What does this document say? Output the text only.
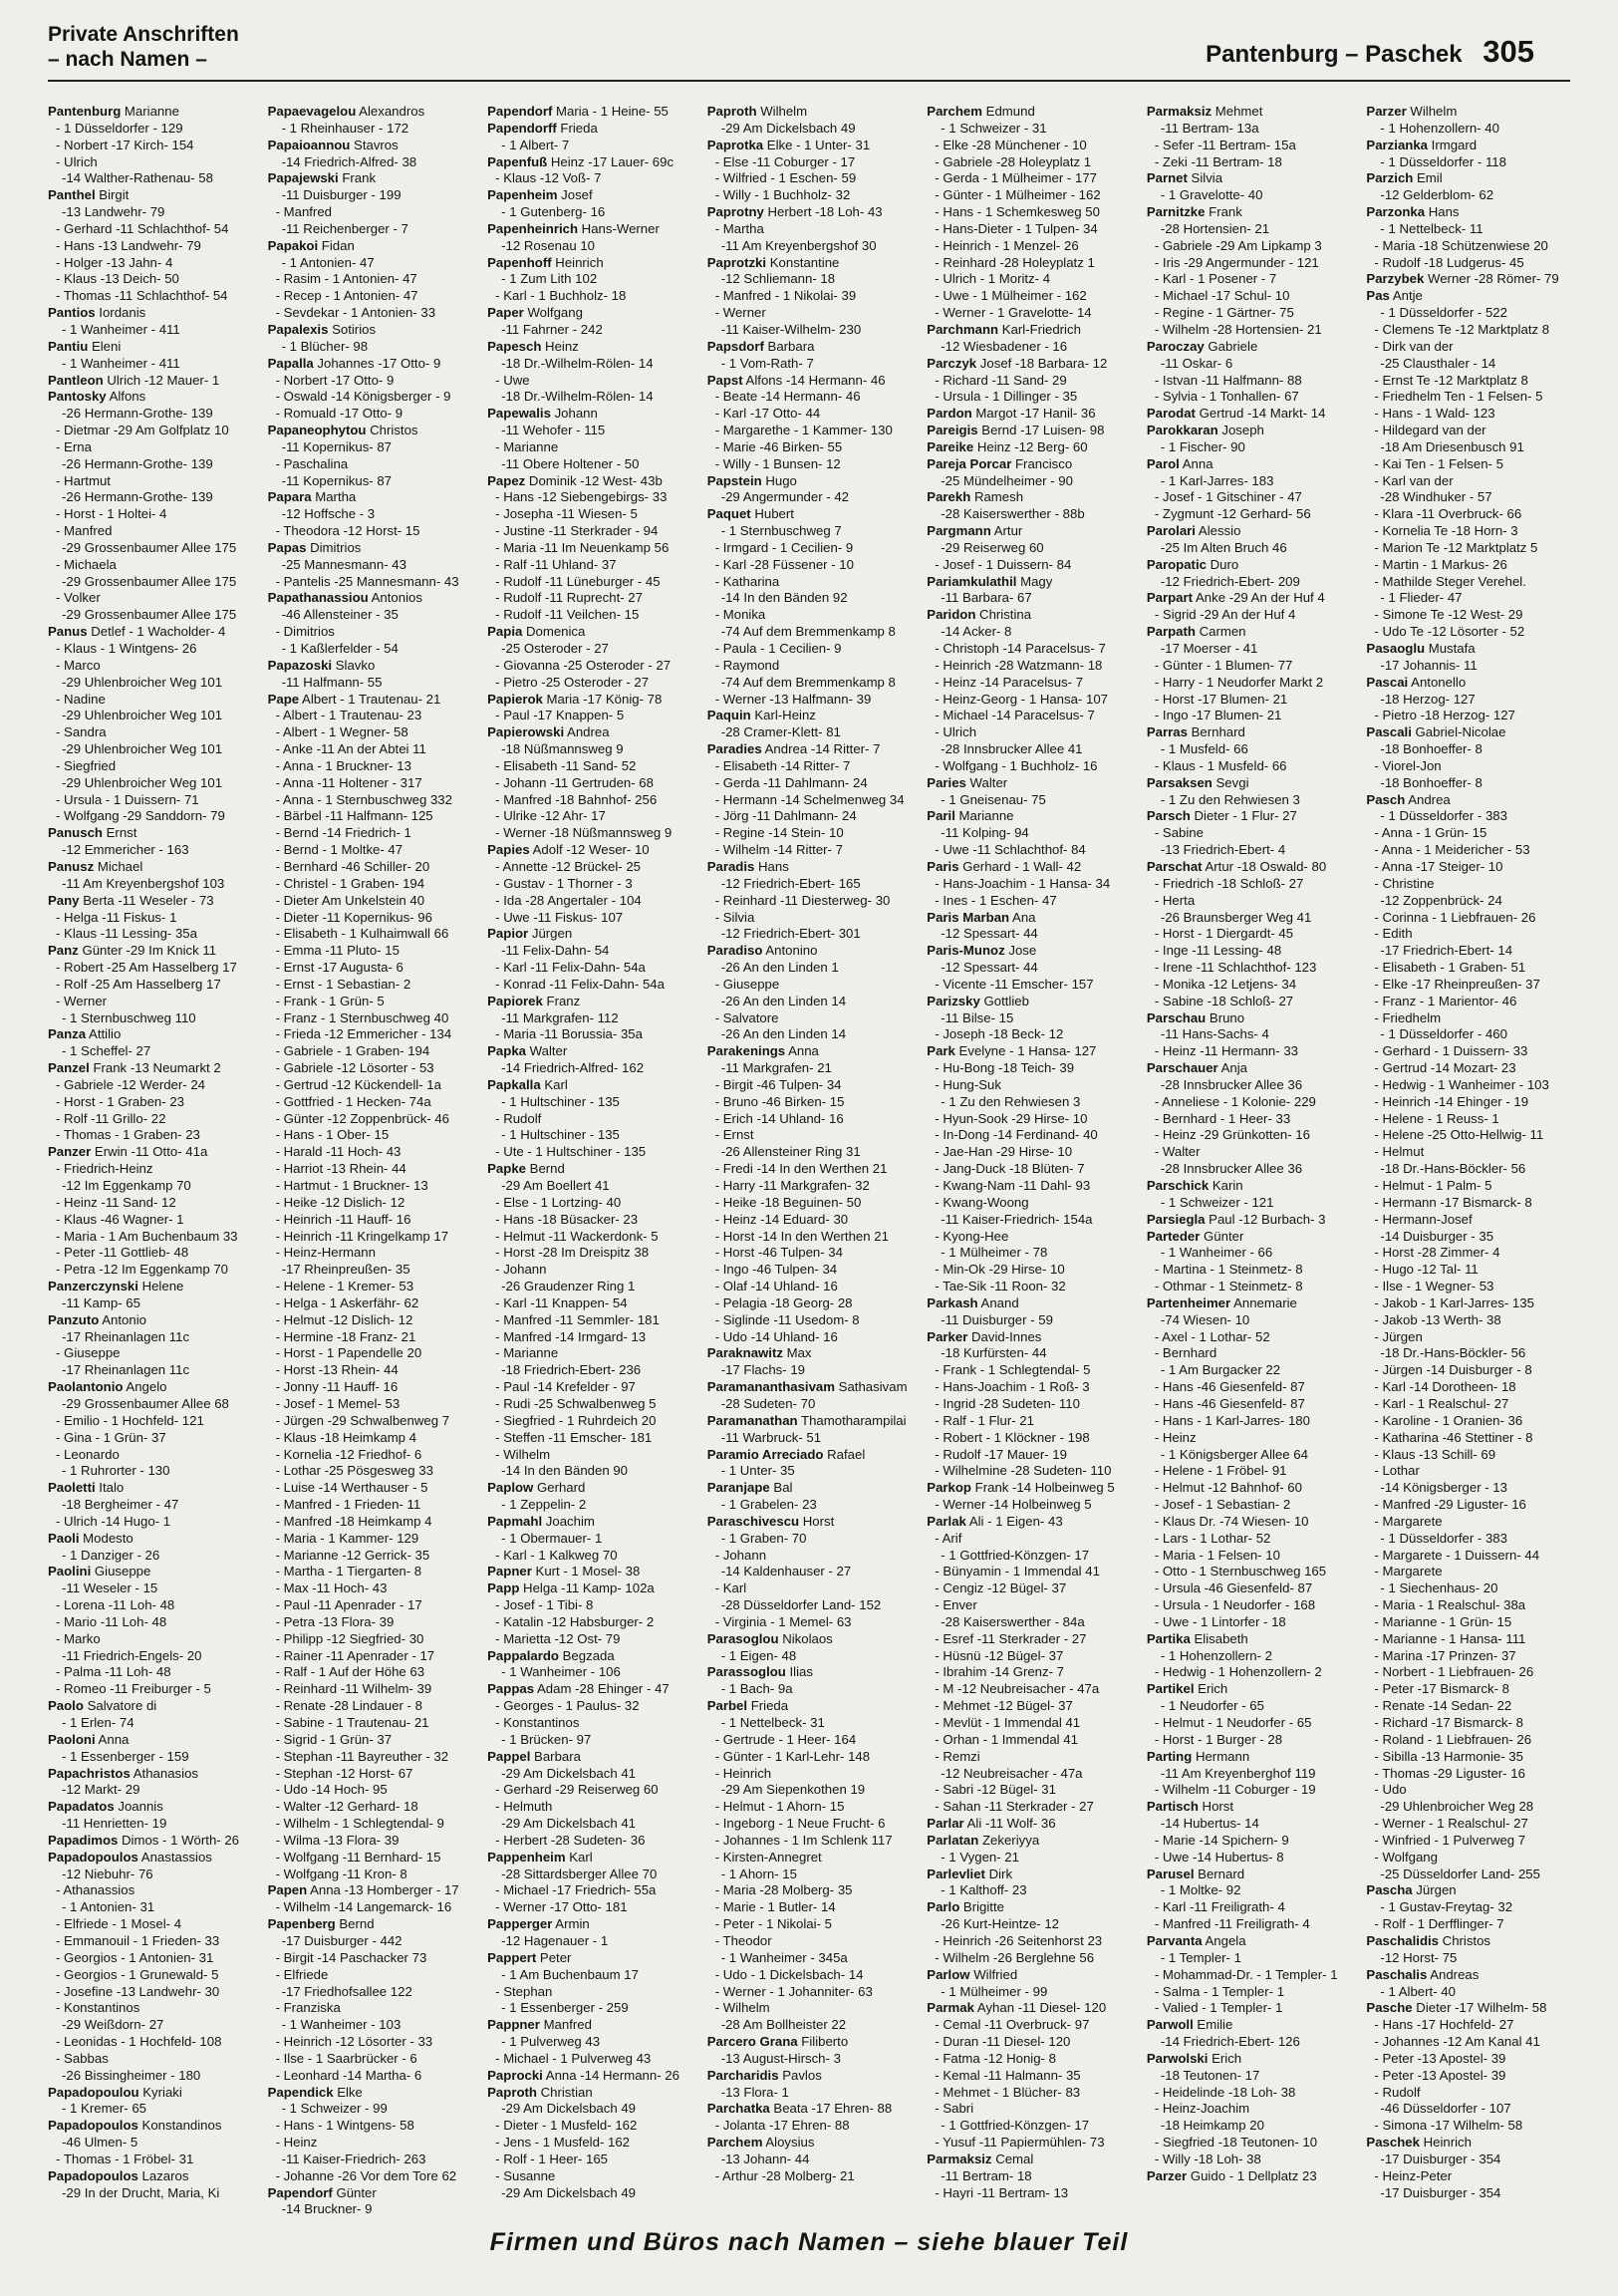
Private Anschriften
– nach Namen –	Pantenburg – Paschek 305
Pantenburg Marianne
- 1 Düsseldorfer - 129
- Norbert -17 Kirch- 154
- Ulrich
-14 Walther-Rathenau- 58
Panthel Birgit
-13 Landwehr- 79
- Gerhard -11 Schlachthof- 54
- Hans -13 Landwehr- 79
- Holger -13 Jahn- 4
- Klaus -13 Deich- 50
- Thomas -11 Schlachthof- 54
Pantios Iordanis
- 1 Wanheimer - 411
Pantiu Eleni
- 1 Wanheimer - 411
Pantleon Ulrich -12 Mauer- 1
Pantosky Alfons
-26 Hermann-Grothe- 139
- Dietmar -29 Am Golfplatz 10
- Erna
-26 Hermann-Grothe- 139
- Hartmut
-26 Hermann-Grothe- 139
- Horst - 1 Holtei- 4
- Manfred
-29 Grossenbaumer Allee 175
- Michaela
-29 Grossenbaumer Allee 175
- Volker
-29 Grossenbaumer Allee 175
Panus Detlef - 1 Wacholder- 4
- Klaus - 1 Wintgens- 26
- Marco
-29 Uhlenbroicher Weg 101
- Nadine
-29 Uhlenbroicher Weg 101
- Sandra
-29 Uhlenbroicher Weg 101
- Siegfried
-29 Uhlenbroicher Weg 101
- Ursula - 1 Duissern- 71
- Wolfgang -29 Sanddorn- 79
Panusch Ernst
-12 Emmericher - 163
Panusz Michael
-11 Am Kreyenbergshof 103
Pany Berta -11 Weseler - 73
- Helga -11 Fiskus- 1
- Klaus -11 Lessing- 35a
Panz Günter -29 Im Knick 11
- Robert -25 Am Hasselberg 17
- Rolf -25 Am Hasselberg 17
- Werner
- 1 Sternbuschweg 110
Panza Attilio
- 1 Scheffel- 27
Panzel Frank -13 Neumarkt 2
- Gabriele -12 Werder- 24
- Horst - 1 Graben- 23
- Rolf -11 Grillo- 22
- Thomas - 1 Graben- 23
Panzer Erwin -11 Otto- 41a
- Friedrich-Heinz
-12 Im Eggenkamp 70
- Heinz -11 Sand- 12
- Klaus -46 Wagner- 1
- Maria - 1 Am Buchenbaum 33
- Peter -11 Gottlieb- 48
- Petra -12 Im Eggenkamp 70
Panzerczynski Helene
-11 Kamp- 65
Panzuto Antonio
-17 Rheinanlagen 11c
- Giuseppe
-17 Rheinanlagen 11c
Paolantonio Angelo
-29 Grossenbaumer Allee 68
- Emilio - 1 Hochfeld- 121
- Gina - 1 Grün- 37
- Leonardo
- 1 Ruhrorter - 130
Paoletti Italo
-18 Bergheimer - 47
- Ulrich -14 Hugo- 1
Paoli Modesto
- 1 Danziger - 26
Paolini Giuseppe
-11 Weseler - 15
- Lorena -11 Loh- 48
- Mario -11 Loh- 48
- Marko
-11 Friedrich-Engels- 20
- Palma -11 Loh- 48
- Romeo -11 Freiburger - 5
Paolo Salvatore di
- 1 Erlen- 74
Paoloni Anna
- 1 Essenberger - 159
Papachristos Athanasios
-12 Markt- 29
Papadatos Joannis
-11 Henrietten- 19
Papadimos Dimos - 1 Wörth- 26
Papadopoulos Anastassios
-12 Niebuhr- 76
- Athanassios
- 1 Antonien- 31
- Elfriede - 1 Mosel- 4
- Emmanouil - 1 Frieden- 33
- Georgios - 1 Antonien- 31
- Georgios - 1 Grunewald- 5
- Josefine -13 Landwehr- 30
- Konstantinos
-29 Weißdorn- 27
- Leonidas - 1 Hochfeld- 108
- Sabbas
-26 Bissingheimer - 180
Papadopoulou Kyriaki
- 1 Kremer- 65
Papadopoulos Konstandinos
-46 Ulmen- 5
- Thomas - 1 Fröbel- 31
Papadopoulos Lazaros
-29 In der Drucht, Maria, Ki
Papaevagelou Alexandros
- 1 Rheinhauser - 172
Papaioannou Stavros
-14 Friedrich-Alfred- 38
Papajewski Frank
-11 Duisburger - 199
- Manfred
-11 Reichenberger - 7
Papakoi Fidan
- 1 Antonien- 47
- Rasim - 1 Antonien- 47
- Recep - 1 Antonien- 47
- Sevdekar - 1 Antonien- 33
Papalexis Sotirios
- 1 Blücher- 98
Papalla Johannes -17 Otto- 9
- Norbert -17 Otto- 9
- Oswald -14 Königsberger - 9
- Romuald -17 Otto- 9
Papaneophytou Christos
-11 Kopernikus- 87
- Paschalina
-11 Kopernikus- 87
Papara Martha
-12 Hoffsche - 3
- Theodora -12 Horst- 15
Papas Dimitrios
-25 Mannesmann- 43
- Pantelis -25 Mannesmann- 43
Papathanassiou Antonios
-46 Allensteiner - 35
- Dimitrios
- 1 Kaßlerfelder - 54
Papazoski Slavko
-11 Halfmann- 55
Pape Albert - 1 Trautenau- 21
- Albert - 1 Trautenau- 23
- Albert - 1 Wegner- 58
- Anke -11 An der Abtei 11
- Anna - 1 Bruckner- 13
- Anna -11 Holtener - 317
- Anna - 1 Sternbuschweg 332
- Bärbel -11 Halfmann- 125
- Bernd -14 Friedrich- 1
- Bernd - 1 Moltke- 47
- Bernhard -46 Schiller- 20
- Christel - 1 Graben- 194
- Dieter Am Unkelstein 40
- Dieter -11 Kopernikus- 96
- Elisabeth - 1 Kulhaimwall 66
- Emma -11 Pluto- 15
- Ernst -17 Augusta- 6
- Ernst - 1 Sebastian- 2
- Frank - 1 Grün- 5
- Franz - 1 Sternbuschweg 40
- Frieda -12 Emmericher - 134
- Gabriele - 1 Graben- 194
- Gabriele -12 Lösorter - 53
- Gertrud -12 Kückendell- 1a
- Gottfried - 1 Hecken- 74a
- Günter -12 Zoppenbrück- 46
- Hans - 1 Ober- 15
- Harald -11 Hoch- 43
- Harriot -13 Rhein- 44
- Hartmut - 1 Bruckner- 13
- Heike -12 Dislich- 12
- Heinrich -11 Hauff- 16
- Heinrich -11 Kringelkamp 17
- Heinz-Hermann
-17 Rheinpreußen- 35
- Helene - 1 Kremer- 53
- Helga - 1 Askerfähr- 62
- Helmut -12 Dislich- 12
- Hermine -18 Franz- 21
- Horst - 1 Papendelle 20
- Horst -13 Rhein- 44
- Jonny -11 Hauff- 16
- Josef - 1 Memel- 53
- Jürgen -29 Schwalbenweg 7
- Klaus -18 Heimkamp 4
- Kornelia -12 Friedhof- 6
- Lothar -25 Pösgesweg 33
- Luise -14 Werthauser - 5
- Manfred - 1 Frieden- 11
- Manfred -18 Heimkamp 4
- Maria - 1 Kammer- 129
- Marianne -12 Gerrick- 35
- Martha - 1 Tiergarten- 8
- Max -11 Hoch- 43
- Paul -11 Apenrader - 17
- Petra -13 Flora- 39
- Philipp -12 Siegfried- 30
- Rainer -11 Apenrader - 17
- Ralf - 1 Auf der Höhe 63
- Reinhard -11 Wilhelm- 39
- Renate -28 Lindauer - 8
- Sabine - 1 Trautenau- 21
- Sigrid - 1 Grün- 37
- Stephan -11 Bayreuther - 32
- Stephan -12 Horst- 67
- Udo -14 Hoch- 95
- Walter -12 Gerhard- 18
- Wilhelm - 1 Schlegtendal- 9
- Wilma -13 Flora- 39
- Wolfgang -11 Bernhard- 15
- Wolfgang -11 Kron- 8
Papen Anna -13 Homberger - 17
- Wilhelm -14 Langemarck- 16
Papenberg Bernd
-17 Duisburger - 442
- Birgit -14 Paschacker 73
- Elfriede
-17 Friedhofsallee 122
- Franziska
- 1 Wanheimer - 103
- Heinrich -12 Lösorter - 33
- Ilse - 1 Saarbrücker - 6
- Leonhard -14 Martha- 6
Papendick Elke
- 1 Schweizer - 99
- Hans - 1 Wintgens- 58
- Heinz
-11 Kaiser-Friedrich- 263
- Johanne -26 Vor dem Tore 62
Papendorf Günter
-14 Bruckner- 9
Papendorf Maria - 1 Heine- 55
Papendorff Frieda
- 1 Albert- 7
Papenfuß Heinz -17 Lauer- 69c
- Klaus -12 Voß- 7
Papenheim Josef
- 1 Gutenberg- 16
Papenheinrich Hans-Werner
-12 Rosenau 10
Papenhoff Heinrich
- 1 Zum Lith 102
- Karl - 1 Buchholz- 18
Paper Wolfgang
-11 Fahrner - 242
Papesch Heinz
-18 Dr.-Wilhelm-Rölen- 14
- Uwe
-18 Dr.-Wilhelm-Rölen- 14
Papewalis Johann
-11 Wehofer - 115
- Marianne
-11 Obere Holtener - 50
Papez Dominik -12 West- 43b
- Hans -12 Siebengebirgs- 33
- Josepha -11 Wiesen- 5
- Justine -11 Sterkrader - 94
- Maria -11 Im Neuenkamp 56
- Ralf -11 Uhland- 37
- Rudolf -11 Lüneburger - 45
- Rudolf -11 Ruprecht- 27
- Rudolf -11 Veilchen- 15
Papia Domenica
-25 Osteroder - 27
- Giovanna -25 Osteroder - 27
- Pietro -25 Osteroder - 27
Papierok Maria -17 König- 78
- Paul -17 Knappen- 5
Papierowski Andrea
-18 Nüßmannsweg 9
- Elisabeth -11 Sand- 52
- Johann -11 Gertruden- 68
- Manfred -18 Bahnhof- 256
- Ulrike -12 Ahr- 17
- Werner -18 Nüßmannsweg 9
Papies Adolf -12 Weser- 10
- Annette -12 Brückel- 25
- Gustav - 1 Thorner - 3
- Ida -28 Angertaler - 104
- Uwe -11 Fiskus- 107
Papior Jürgen
-11 Felix-Dahn- 54
- Karl -11 Felix-Dahn- 54a
- Konrad -11 Felix-Dahn- 54a
Papiorek Franz
-11 Markgrafen- 112
- Maria -11 Borussia- 35a
Papka Walter
-14 Friedrich-Alfred- 162
Papkalla Karl
- 1 Hultschiner - 135
- Rudolf
- 1 Hultschiner - 135
- Ute - 1 Hultschiner - 135
Papke Bernd
-29 Am Boellert 41
- Else - 1 Lortzing- 40
- Hans -18 Büsacker- 23
- Helmut -11 Wackerdonk- 5
- Horst -28 Im Dreispitz 38
- Johann
-26 Graudenzer Ring 1
- Karl -11 Knappen- 54
- Manfred -11 Semmler- 181
- Manfred -14 Irmgard- 13
- Marianne
-18 Friedrich-Ebert- 236
- Paul -14 Krefelder - 97
- Rudi -25 Schwalbenweg 5
- Siegfried - 1 Ruhrdeich 20
- Steffen -11 Emscher- 181
- Wilhelm
-14 In den Bänden 90
Paplow Gerhard
- 1 Zeppelin- 2
Papmahl Joachim
- 1 Obermauer- 1
- Karl - 1 Kalkweg 70
Papner Kurt - 1 Mosel- 38
Papp Helga -11 Kamp- 102a
- Josef - 1 Tibi- 8
- Katalin -12 Habsburger- 2
- Marietta -12 Ost- 79
Pappalardo Begzada
- 1 Wanheimer - 106
Pappas Adam -28 Ehinger - 47
- Georges - 1 Paulus- 32
- Konstantinos
- 1 Brücken- 97
Pappel Barbara
-29 Am Dickelsbach 41
- Gerhard -29 Reiserweg 60
- Helmuth
-29 Am Dickelsbach 41
- Herbert -28 Sudeten- 36
Pappenheim Karl
-28 Sittardsberger Allee 70
- Michael -17 Friedrich- 55a
- Werner -17 Otto- 181
Papperger Armin
-12 Hagenauer - 1
Pappert Peter
- 1 Am Buchenbaum 17
- Stephan
- 1 Essenberger - 259
Pappner Manfred
- 1 Pulverweg 43
- Michael - 1 Pulverweg 43
Paprocki Anna -14 Hermann- 26
Paproth Christian
-29 Am Dickelsbach 49
- Dieter - 1 Musfeld- 162
- Jens - 1 Musfeld- 162
- Rolf - 1 Heer- 165
- Susanne
-29 Am Dickelsbach 49
Paproth Wilhelm
-29 Am Dickelsbach 49
Paprotka Elke - 1 Unter- 31
- Else -11 Coburger - 17
- Wilfried - 1 Eschen- 59
- Willy - 1 Buchholz- 32
Paprotny Herbert -18 Loh- 43
- Martha
-11 Am Kreyenbergshof 30
Paprotzki Konstantine
-12 Schliemann- 18
- Manfred - 1 Nikolai- 39
- Werner
-11 Kaiser-Wilhelm- 230
Papsdorf Barbara
- 1 Vom-Rath- 7
Papst Alfons -14 Hermann- 46
- Beate -14 Hermann- 46
- Karl -17 Otto- 44
- Margarethe - 1 Kammer- 130
- Marie -46 Birken- 55
- Willy - 1 Bunsen- 12
Papstein Hugo
-29 Angermunder - 42
Paquet Hubert
- 1 Sternbuschweg 7
- Irmgard - 1 Cecilien- 9
- Karl -28 Füssener - 10
- Katharina
-14 In den Bänden 92
- Monika
-74 Auf dem Bremmenkamp 8
- Paula - 1 Cecilien- 9
- Raymond
-74 Auf dem Bremmenkamp 8
- Werner -13 Halfmann- 39
Paquin Karl-Heinz
-28 Cramer-Klett- 81
Paradies Andrea -14 Ritter- 7
- Elisabeth -14 Ritter- 7
- Gerda -11 Dahlmann- 24
- Hermann -14 Schelmenweg 34
- Jörg -11 Dahlmann- 24
- Regine -14 Stein- 10
- Wilhelm -14 Ritter- 7
Paradis Hans
-12 Friedrich-Ebert- 165
- Reinhard -11 Diesterweg- 30
- Silvia
-12 Friedrich-Ebert- 301
Paradiso Antonino
-26 An den Linden 1
- Giuseppe
-26 An den Linden 14
- Salvatore
-26 An den Linden 14
Parakenings Anna
-11 Markgrafen- 21
- Birgit -46 Tulpen- 34
- Bruno -46 Birken- 15
- Erich -14 Uhland- 16
- Ernst
-26 Allensteiner Ring 31
- Fredi -14 In den Werthen 21
- Harry -11 Markgrafen- 32
- Heike -18 Beguinen- 50
- Heinz -14 Eduard- 30
- Horst -14 In den Werthen 21
- Horst -46 Tulpen- 34
- Ingo -46 Tulpen- 34
- Olaf -14 Uhland- 16
- Pelagia -18 Georg- 28
- Siglinde -11 Usedom- 8
- Udo -14 Uhland- 16
Paraknawitz Max
-17 Flachs- 19
Paramananthasivam Sathasivam
-28 Sudeten- 70
Paramanathan Thamotharampilai
-11 Warbruck- 51
Paramio Arreciado Rafael
- 1 Unter- 35
Paranjape Bal
- 1 Grabelen- 23
Paraschivescu Horst
- 1 Graben- 70
- Johann
-14 Kaldenhauser - 27
- Karl
-28 Düsseldorfer Land- 152
- Virginia - 1 Memel- 63
Parasoglou Nikolaos
- 1 Eigen- 48
Parassoglou Ilias
- 1 Bach- 9a
Parbel Frieda
- 1 Nettelbeck- 31
- Gertrude - 1 Heer- 164
- Günter - 1 Karl-Lehr- 148
- Heinrich
-29 Am Siepenkothen 19
- Helmut - 1 Ahorn- 15
- Ingeborg - 1 Neue Frucht- 6
- Johannes - 1 Im Schlenk 117
- Kirsten-Annegret
- 1 Ahorn- 15
- Maria -28 Molberg- 35
- Marie - 1 Butler- 14
- Peter - 1 Nikolai- 5
- Theodor
- 1 Wanheimer - 345a
- Udo - 1 Dickelsbach- 14
- Werner - 1 Johanniter- 63
- Wilhelm
-28 Am Bollheister 22
Parcero Grana Filiberto
-13 August-Hirsch- 3
Parcharidis Pavlos
-13 Flora- 1
Parchatka Beata -17 Ehren- 88
- Jolanta -17 Ehren- 88
Parchem Aloysius
-13 Johann- 44
- Arthur -28 Molberg- 21
Parchem Edmund
- 1 Schweizer - 31
- Elke -28 Münchener - 10
- Gabriele -28 Holeyplatz 1
- Gerda - 1 Mülheimer - 177
- Günter - 1 Mülheimer - 162
- Hans - 1 Schemkesweg 50
- Hans-Dieter - 1 Tulpen- 34
- Heinrich - 1 Menzel- 26
- Reinhard -28 Holeyplatz 1
- Ulrich - 1 Moritz- 4
- Uwe - 1 Mülheimer - 162
- Werner - 1 Gravelotte- 14
Parchmann Karl-Friedrich
-12 Wiesbadener - 16
Parczyk Josef -18 Barbara- 12
- Richard -11 Sand- 29
- Ursula - 1 Dillinger - 35
Pardon Margot -17 Hanil- 36
Pareigis Bernd -17 Luisen- 98
Pareike Heinz -12 Berg- 60
Pareja Porcar Francisco
-25 Mündelheimer - 90
Parekh Ramesh
-28 Kaiserswerther - 88b
Pargmann Artur
-29 Reiserweg 60
- Josef - 1 Duissern- 84
Pariamkulathil Magy
-11 Barbara- 67
Paridon Christina
-14 Acker- 8
- Christoph -14 Paracelsus- 7
- Heinrich -28 Watzmann- 18
- Heinz -14 Paracelsus- 7
- Heinz-Georg - 1 Hansa- 107
- Michael -14 Paracelsus- 7
- Ulrich
-28 Innsbrucker Allee 41
- Wolfgang - 1 Buchholz- 16
Paries Walter
- 1 Gneisenau- 75
Paril Marianne
-11 Kolping- 94
- Uwe -11 Schlachthof- 84
Paris Gerhard - 1 Wall- 42
- Hans-Joachim - 1 Hansa- 34
- Ines - 1 Eschen- 47
Paris Marban Ana
-12 Spessart- 44
Paris-Munoz Jose
-12 Spessart- 44
- Vicente -11 Emscher- 157
Parizsky Gottlieb
-11 Bilse- 15
- Joseph -18 Beck- 12
Park Evelyne - 1 Hansa- 127
- Hu-Bong -18 Teich- 39
- Hung-Suk
- 1 Zu den Rehwiesen 3
- Hyun-Sook -29 Hirse- 10
- In-Dong -14 Ferdinand- 40
- Jae-Han -29 Hirse- 10
- Jang-Duck -18 Blüten- 7
- Kwang-Nam -11 Dahl- 93
- Kwang-Woong
-11 Kaiser-Friedrich- 154a
- Kyong-Hee
- 1 Mülheimer - 78
- Min-Ok -29 Hirse- 10
- Tae-Sik -11 Roon- 32
Parkash Anand
-11 Duisburger - 59
Parker David-Innes
-18 Kurfürsten- 44
- Frank - 1 Schlegtendal- 5
- Hans-Joachim - 1 Roß- 3
- Ingrid -28 Sudeten- 110
- Ralf - 1 Flur- 21
- Robert - 1 Klöckner - 198
- Rudolf -17 Mauer- 19
- Wilhelmine -28 Sudeten- 110
Parkop Frank -14 Holbeinweg 5
- Werner -14 Holbeinweg 5
Parlak Ali - 1 Eigen- 43
- Arif
- 1 Gottfried-Könzgen- 17
- Bünyamin - 1 Immendal 41
- Cengiz -12 Bügel- 37
- Enver
-28 Kaiserswerther - 84a
- Esref -11 Sterkrader - 27
- Hüsnü -12 Bügel- 37
- Ibrahim -14 Grenz- 7
- M -12 Neubreisacher - 47a
- Mehmet -12 Bügel- 37
- Mevlüt - 1 Immendal 41
- Orhan - 1 Immendal 41
- Remzi
-12 Neubreisacher - 47a
- Sabri -12 Bügel- 31
- Sahan -11 Sterkrader - 27
Parlar Ali -11 Wolf- 36
Parlatan Zekeriyya
- 1 Vygen- 21
Parlevliet Dirk
- 1 Kalthoff- 23
Parlo Brigitte
-26 Kurt-Heintze- 12
- Heinrich -26 Seitenhorst 23
- Wilhelm -26 Berglehne 56
Parlow Wilfried
- 1 Mülheimer - 99
Parmak Ayhan -11 Diesel- 120
- Cemal -11 Overbruck- 97
- Duran -11 Diesel- 120
- Fatma -12 Honig- 8
- Kemal -11 Halmann- 35
- Mehmet - 1 Blücher- 83
- Sabri
- 1 Gottfried-Könzgen- 17
- Yusuf -11 Papiermühlen- 73
Parmaksiz Cemal
-11 Bertram- 18
- Hayri -11 Bertram- 13
Parmaksiz Mehmet
-11 Bertram- 13a
- Sefer -11 Bertram- 15a
- Zeki -11 Bertram- 18
Parnet Silvia
- 1 Gravelotte- 40
Parnitzke Frank
-28 Hortensien- 21
- Gabriele -29 Am Lipkamp 3
- Iris -29 Angermunder - 121
- Karl - 1 Posener - 7
- Michael -17 Schul- 10
- Regine - 1 Gärtner- 75
- Wilhelm -28 Hortensien- 21
Paroczay Gabriele
-11 Oskar- 6
- Istvan -11 Halfmann- 88
- Sylvia - 1 Tonhallen- 67
Parodat Gertrud -14 Markt- 14
Parokkaran Joseph
- 1 Fischer- 90
Parol Anna
- 1 Karl-Jarres- 183
- Josef - 1 Gitschiner - 47
- Zygmunt -12 Gerhard- 56
Parolari Alessio
-25 Im Alten Bruch 46
Paropatic Duro
-12 Friedrich-Ebert- 209
Parpart Anke -29 An der Huf 4
- Sigrid -29 An der Huf 4
Parpath Carmen
-17 Moerser - 41
- Günter - 1 Blumen- 77
- Harry - 1 Neudorfer Markt 2
- Horst -17 Blumen- 21
- Ingo -17 Blumen- 21
Parras Bernhard
- 1 Musfeld- 66
- Klaus - 1 Musfeld- 66
Parsaksen Sevgi
- 1 Zu den Rehwiesen 3
Parsch Dieter - 1 Flur- 27
- Sabine
-13 Friedrich-Ebert- 4
Parschat Artur -18 Oswald- 80
- Friedrich -18 Schloß- 27
- Herta
-26 Braunsberger Weg 41
- Horst - 1 Diergardt- 45
- Inge -11 Lessing- 48
- Irene -11 Schlachthof- 123
- Monika -12 Letjens- 34
- Sabine -18 Schloß- 27
Parschau Bruno
-11 Hans-Sachs- 4
- Heinz -11 Hermann- 33
Parschauer Anja
-28 Innsbrucker Allee 36
- Anneliese - 1 Kolonie- 229
- Bernhard - 1 Heer- 33
- Heinz -29 Grünkotten- 16
- Walter
-28 Innsbrucker Allee 36
Parschick Karin
- 1 Schweizer - 121
Parsiegla Paul -12 Burbach- 3
Parteder Günter
- 1 Wanheimer - 66
- Martina - 1 Steinmetz- 8
- Othmar - 1 Steinmetz- 8
Partenheimer Annemarie
-74 Wiesen- 10
- Axel - 1 Lothar- 52
- Bernhard
- 1 Am Burgacker 22
- Hans -46 Giesenfeld- 87
- Hans -46 Giesenfeld- 87
- Hans - 1 Karl-Jarres- 180
- Heinz
- 1 Königsberger Allee 64
- Helene - 1 Fröbel- 91
- Helmut -12 Bahnhof- 60
- Josef - 1 Sebastian- 2
- Klaus Dr. -74 Wiesen- 10
- Lars - 1 Lothar- 52
- Maria - 1 Felsen- 10
- Otto - 1 Sternbuschweg 165
- Ursula -46 Giesenfeld- 87
- Ursula - 1 Neudorfer - 168
- Uwe - 1 Lintorfer - 18
Partika Elisabeth
- 1 Hohenzollern- 2
- Hedwig - 1 Hohenzollern- 2
Partikel Erich
- 1 Neudorfer - 65
- Helmut - 1 Neudorfer - 65
- Horst - 1 Burger - 28
Parting Hermann
-11 Am Kreyenberghof 119
- Wilhelm -11 Coburger - 19
Partisch Horst
-14 Hubertus- 14
- Marie -14 Spichern- 9
- Uwe -14 Hubertus- 8
Parusel Bernard
- 1 Moltke- 92
- Karl -11 Freiligrath- 4
- Manfred -11 Freiligrath- 4
Parvanta Angela
- 1 Templer- 1
- Mohammad-Dr. - 1 Templer- 1
- Salma - 1 Templer- 1
- Valied - 1 Templer- 1
Parwoll Emilie
-14 Friedrich-Ebert- 126
Parwolski Erich
-18 Teutonen- 17
- Heidelinde -18 Loh- 38
- Heinz-Joachim
-18 Heimkamp 20
- Siegfried -18 Teutonen- 10
- Willy -18 Loh- 38
Parzer Guido - 1 Dellplatz 23
Parzer Wilhelm
- 1 Hohenzollern- 40
Parzianka Irmgard
- 1 Düsseldorfer - 118
Parzich Emil
-12 Gelderblom- 62
Parzonka Hans
- 1 Nettelbeck- 11
- Maria -18 Schützenwiese 20
- Rudolf -18 Ludgerus- 45
Parzybek Werner -28 Römer- 79
Pas Antje
- 1 Düsseldorfer - 522
- Clemens Te -12 Marktplatz 8
- Dirk van der
-25 Clausthaler - 14
- Ernst Te -12 Marktplatz 8
- Friedhelm Ten - 1 Felsen- 5
- Hans - 1 Wald- 123
- Hildegard van der
-18 Am Driesenbusch 91
- Kai Ten - 1 Felsen- 5
- Karl van der
-28 Windhuker - 57
- Klara -11 Overbruck- 66
- Kornelia Te -18 Horn- 3
- Marion Te -12 Marktplatz 5
- Martin - 1 Markus- 26
- Mathilde Steger Verehel.
- 1 Flieder- 47
- Simone Te -12 West- 29
- Udo Te -12 Lösorter - 52
Pasaoglu Mustafa
-17 Johannis- 11
Pascai Antonello
-18 Herzog- 127
- Pietro -18 Herzog- 127
Pascali Gabriel-Nicolae
-18 Bonhoeffer- 8
- Viorel-Jon
-18 Bonhoeffer- 8
Pasch Andrea
- 1 Düsseldorfer - 383
- Anna - 1 Grün- 15
- Anna - 1 Meidericher - 53
- Anna -17 Steiger- 10
- Christine
-12 Zoppenbrück- 24
- Corinna - 1 Liebfrauen- 26
- Edith
-17 Friedrich-Ebert- 14
- Elisabeth - 1 Graben- 51
- Elke -17 Rheinpreußen- 37
- Franz - 1 Marientor- 46
- Friedhelm
- 1 Düsseldorfer - 460
- Gerhard - 1 Duissern- 33
- Gertrud -14 Mozart- 23
- Hedwig - 1 Wanheimer - 103
- Heinrich -14 Ehinger - 19
- Helene - 1 Reuss- 1
- Helene -25 Otto-Hellwig- 11
- Helmut
-18 Dr.-Hans-Böckler- 56
- Helmut - 1 Palm- 5
- Hermann -17 Bismarck- 8
- Hermann-Josef
-14 Duisburger - 35
- Horst -28 Zimmer- 4
- Hugo -12 Tal- 11
- Ilse - 1 Wegner- 53
- Jakob - 1 Karl-Jarres- 135
- Jakob -13 Werth- 38
- Jürgen
-18 Dr.-Hans-Böckler- 56
- Jürgen -14 Duisburger - 8
- Karl -14 Dorotheen- 18
- Karl - 1 Realschul- 27
- Karoline - 1 Oranien- 36
- Katharina -46 Stettiner - 8
- Klaus -13 Schill- 69
- Lothar
-14 Königsberger - 13
- Manfred -29 Liguster- 16
- Margarete
- 1 Düsseldorfer - 383
- Margarete - 1 Duissern- 44
- Margarete
- 1 Siechenhaus- 20
- Maria - 1 Realschul- 38a
- Marianne - 1 Grün- 15
- Marianne - 1 Hansa- 111
- Marina -17 Prinzen- 37
- Norbert - 1 Liebfrauen- 26
- Peter -17 Bismarck- 8
- Renate -14 Sedan- 22
- Richard -17 Bismarck- 8
- Roland - 1 Liebfrauen- 26
- Sibilla -13 Harmonie- 35
- Thomas -29 Liguster- 16
- Udo
-29 Uhlenbroicher Weg 28
- Werner - 1 Realschul- 27
- Winfried - 1 Pulverweg 7
- Wolfgang
-25 Düsseldorfer Land- 255
Pascha Jürgen
- 1 Gustav-Freytag- 32
- Rolf - 1 Derfflinger- 7
Paschalidis Christos
-12 Horst- 75
Paschalis Andreas
- 1 Albert- 40
Pasche Dieter -17 Wilhelm- 58
- Hans -17 Hochfeld- 27
- Johannes -12 Am Kanal 41
- Peter -13 Apostel- 39
- Peter -13 Apostel- 39
- Rudolf
-46 Düsseldorfer - 107
- Simona -17 Wilhelm- 58
Paschek Heinrich
-17 Duisburger - 354
- Heinz-Peter
-17 Duisburger - 354
Firmen und Büros nach Namen – siehe blauer Teil
